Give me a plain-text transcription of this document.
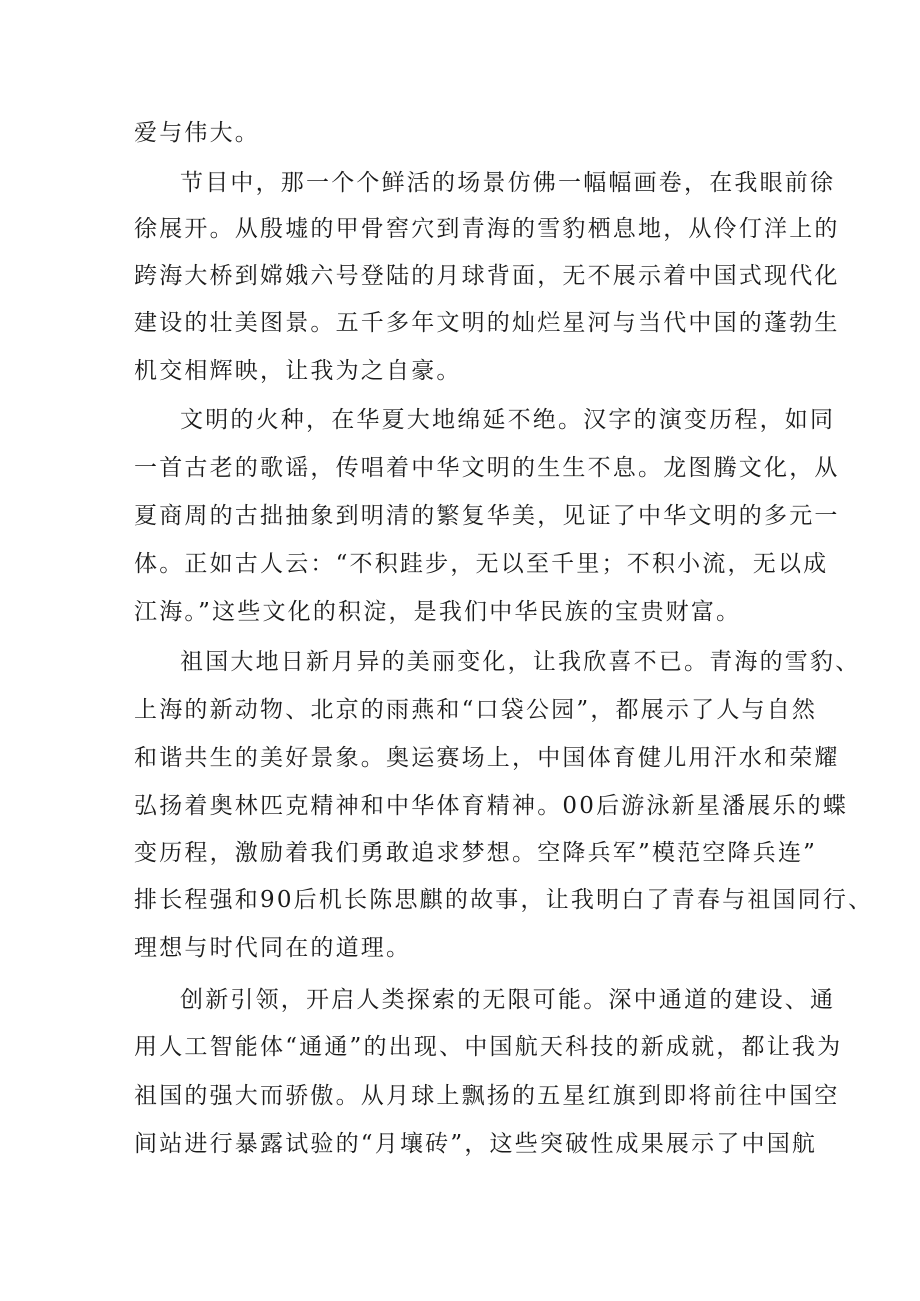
爱与伟大。

节目中，那一个个鲜活的场景仿佛一幅幅画卷，在我眼前徐

徐展开。从殷墟的甲骨窖穴到青海的雪豹栖息地，从伶仃洋上的

跨海大桥到嫦娥六号登陆的月球背面，无不展示着中国式现代化

建设的壮美图景。五千多年文明的灿烂星河与当代中国的蓬勃生

机交相辉映，让我为之自豪。

文明的火种，在华夏大地绵延不绝。汉字的演变历程，如同

一首古老的歌谣，传唱着中华文明的生生不息。龙图腾文化，从

夏商周的古拙抽象到明清的繁复华美，见证了中华文明的多元一

体。正如古人云：“不积跬步，无以至千里；不积小流，无以成

江海。”这些文化的积淀，是我们中华民族的宝贵财富。

祖国大地日新月异的美丽变化，让我欣喜不已。青海的雪豹、

上海的新动物、北京的雨燕和“口袋公园”，都展示了人与自然

和谐共生的美好景象。奥运赛场上，中国体育健儿用汗水和荣耀

弘扬着奥林匹克精神和中华体育精神。00后游泳新星潘展乐的蝶

变历程，激励着我们勇敢追求梦想。空降兵军”模范空降兵连”

排长程强和90后机长陈思麒的故事，让我明白了青春与祖国同行、

理想与时代同在的道理。

创新引领，开启人类探索的无限可能。深中通道的建设、通

用人工智能体“通通”的出现、中国航天科技的新成就，都让我为

祖国的强大而骄傲。从月球上飘扬的五星红旗到即将前往中国空

间站进行暴露试验的“月壤砖”，这些突破性成果展示了中国航
